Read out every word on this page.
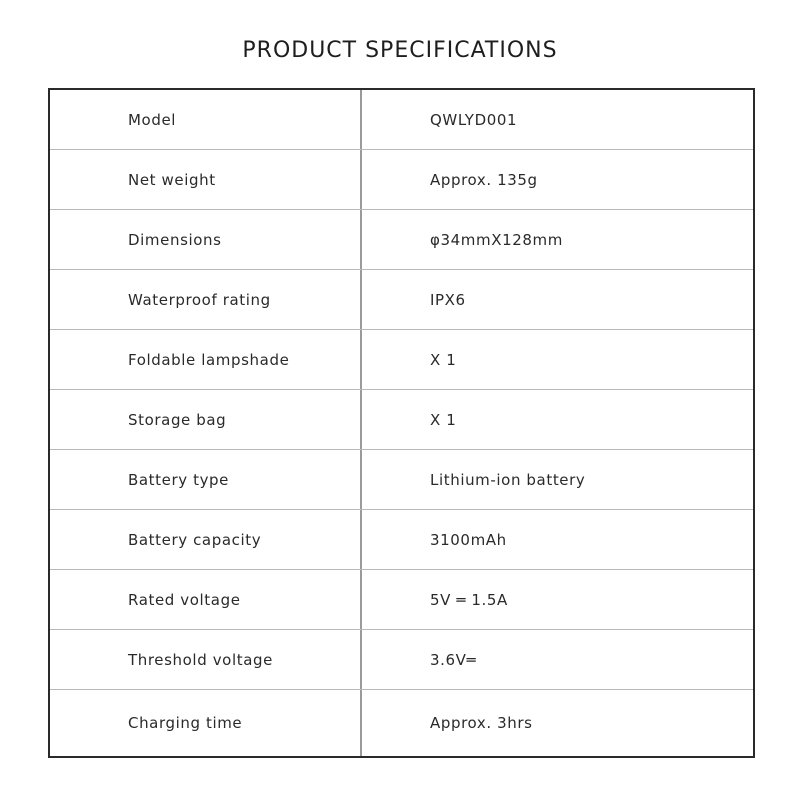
PRODUCT SPECIFICATIONS
Model	QWLYD001
Net weight	Approx. 135g
Dimensions	φ34mmX128mm
Waterproof rating	IPX6
Foldable lampshade	X 1
Storage bag	X 1
Battery type	Lithium-ion battery
Battery capacity	3100mAh
Rated voltage	5V ═ 1.5A
Threshold voltage	3.6V═
Charging time	Approx. 3hrs
